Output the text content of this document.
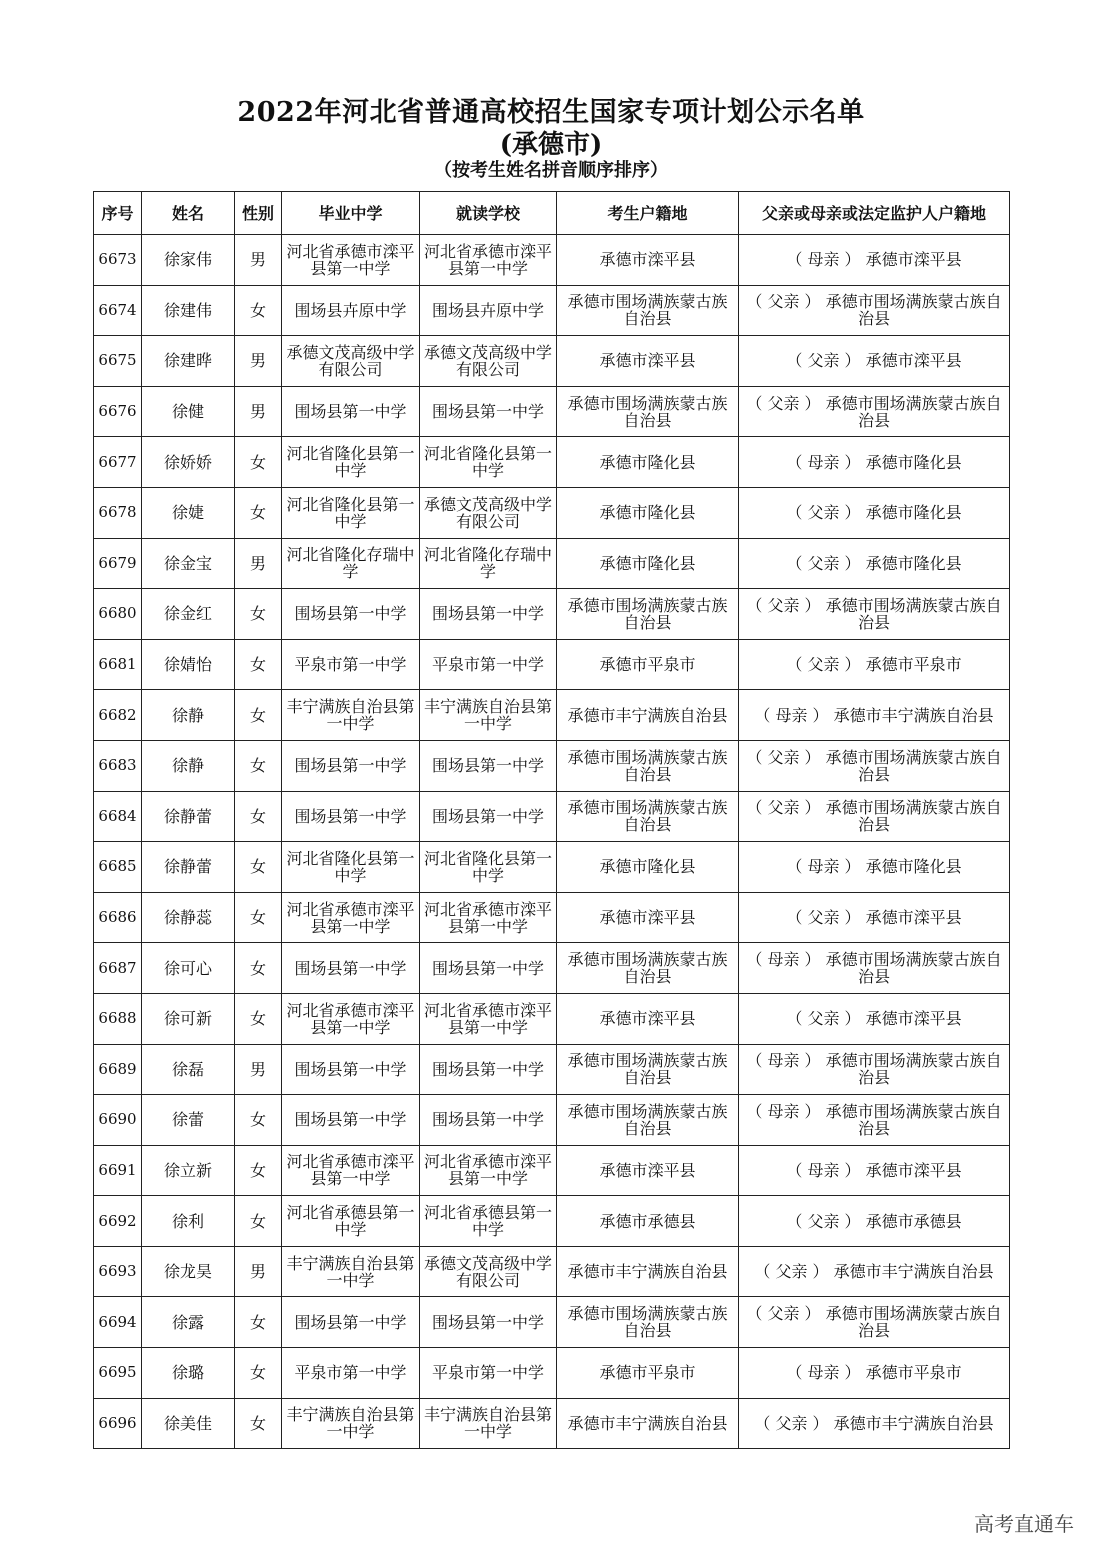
2022年河北省普通高校招生国家专项计划公示名单
(承德市)
（按考生姓名拼音顺序排序）
序号	姓名	性别	毕业中学	就读学校	考生户籍地	父亲或母亲或法定监护人户籍地
6673	徐家伟	男	河北省承德市滦平县第一中学	河北省承德市滦平县第一中学	承德市滦平县	（ 母亲 ） 承德市滦平县
6674	徐建伟	女	围场县卉原中学	围场县卉原中学	承德市围场满族蒙古族自治县	（ 父亲 ） 承德市围场满族蒙古族自治县
6675	徐建晔	男	承德文茂高级中学有限公司	承德文茂高级中学有限公司	承德市滦平县	（ 父亲 ） 承德市滦平县
6676	徐健	男	围场县第一中学	围场县第一中学	承德市围场满族蒙古族自治县	（ 父亲 ） 承德市围场满族蒙古族自治县
6677	徐娇娇	女	河北省隆化县第一中学	河北省隆化县第一中学	承德市隆化县	（ 母亲 ） 承德市隆化县
6678	徐婕	女	河北省隆化县第一中学	承德文茂高级中学有限公司	承德市隆化县	（ 父亲 ） 承德市隆化县
6679	徐金宝	男	河北省隆化存瑞中学	河北省隆化存瑞中学	承德市隆化县	（ 父亲 ） 承德市隆化县
6680	徐金红	女	围场县第一中学	围场县第一中学	承德市围场满族蒙古族自治县	（ 父亲 ） 承德市围场满族蒙古族自治县
6681	徐婧怡	女	平泉市第一中学	平泉市第一中学	承德市平泉市	（ 父亲 ） 承德市平泉市
6682	徐静	女	丰宁满族自治县第一中学	丰宁满族自治县第一中学	承德市丰宁满族自治县	（ 母亲 ） 承德市丰宁满族自治县
6683	徐静	女	围场县第一中学	围场县第一中学	承德市围场满族蒙古族自治县	（ 父亲 ） 承德市围场满族蒙古族自治县
6684	徐静蕾	女	围场县第一中学	围场县第一中学	承德市围场满族蒙古族自治县	（ 父亲 ） 承德市围场满族蒙古族自治县
6685	徐静蕾	女	河北省隆化县第一中学	河北省隆化县第一中学	承德市隆化县	（ 母亲 ） 承德市隆化县
6686	徐静蕊	女	河北省承德市滦平县第一中学	河北省承德市滦平县第一中学	承德市滦平县	（ 父亲 ） 承德市滦平县
6687	徐可心	女	围场县第一中学	围场县第一中学	承德市围场满族蒙古族自治县	（ 母亲 ） 承德市围场满族蒙古族自治县
6688	徐可新	女	河北省承德市滦平县第一中学	河北省承德市滦平县第一中学	承德市滦平县	（ 父亲 ） 承德市滦平县
6689	徐磊	男	围场县第一中学	围场县第一中学	承德市围场满族蒙古族自治县	（ 母亲 ） 承德市围场满族蒙古族自治县
6690	徐蕾	女	围场县第一中学	围场县第一中学	承德市围场满族蒙古族自治县	（ 母亲 ） 承德市围场满族蒙古族自治县
6691	徐立新	女	河北省承德市滦平县第一中学	河北省承德市滦平县第一中学	承德市滦平县	（ 母亲 ） 承德市滦平县
6692	徐利	女	河北省承德县第一中学	河北省承德县第一中学	承德市承德县	（ 父亲 ） 承德市承德县
6693	徐龙昊	男	丰宁满族自治县第一中学	承德文茂高级中学有限公司	承德市丰宁满族自治县	（ 父亲 ） 承德市丰宁满族自治县
6694	徐露	女	围场县第一中学	围场县第一中学	承德市围场满族蒙古族自治县	（ 父亲 ） 承德市围场满族蒙古族自治县
6695	徐璐	女	平泉市第一中学	平泉市第一中学	承德市平泉市	（ 母亲 ） 承德市平泉市
6696	徐美佳	女	丰宁满族自治县第一中学	丰宁满族自治县第一中学	承德市丰宁满族自治县	（ 父亲 ） 承德市丰宁满族自治县
高考直通车
